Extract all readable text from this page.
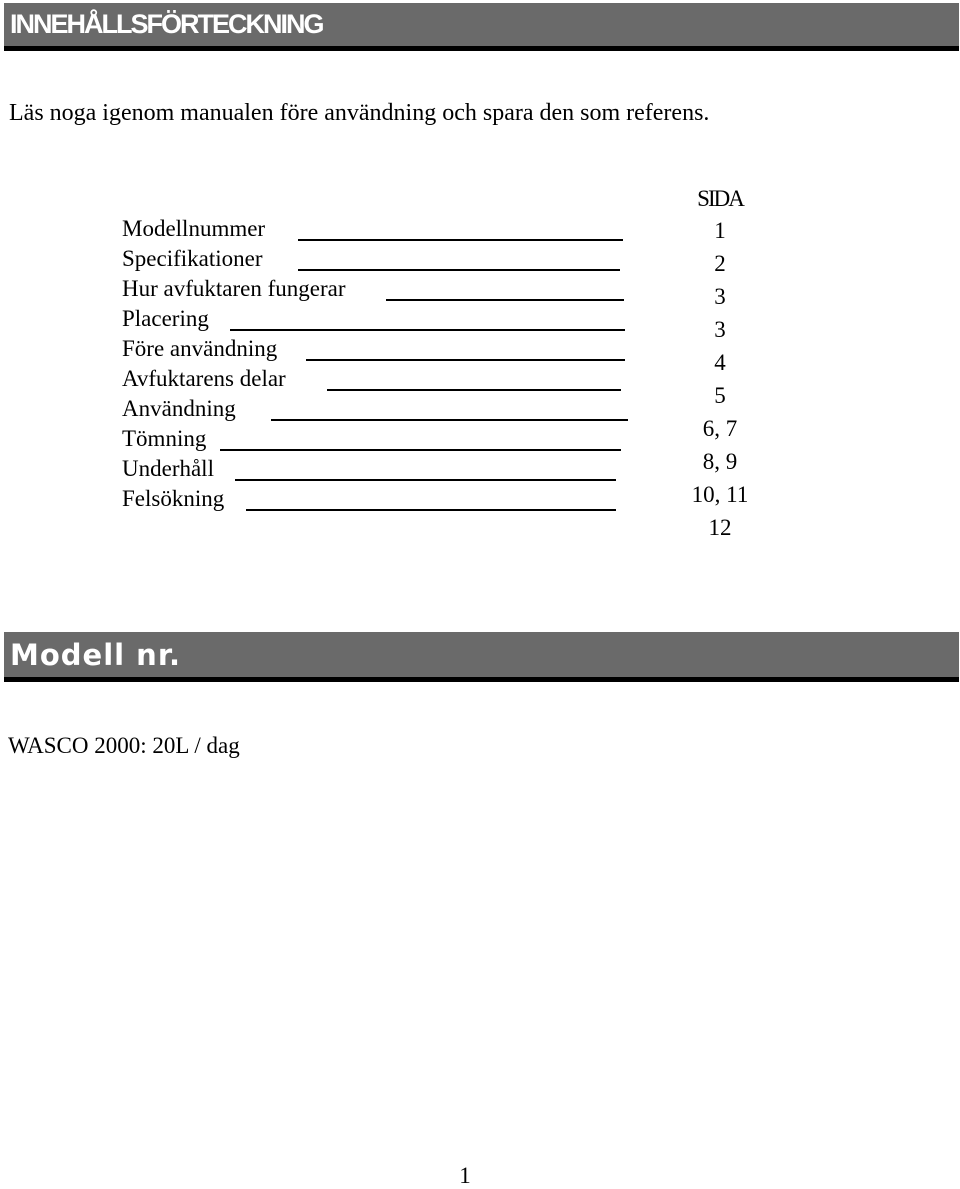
INNEHÅLLSFÖRTECKNING
Läs noga igenom manualen före användning och spara den som referens.
SIDA
Modellnummer
Specifikationer
Hur avfuktaren fungerar
Placering
Före användning
Avfuktarens delar
Användning
Tömning
Underhåll
Felsökning
1
2
3
3
4
5
6, 7
8, 9
10, 11
12
Modell nr.
WASCO 2000: 20L / dag
1
